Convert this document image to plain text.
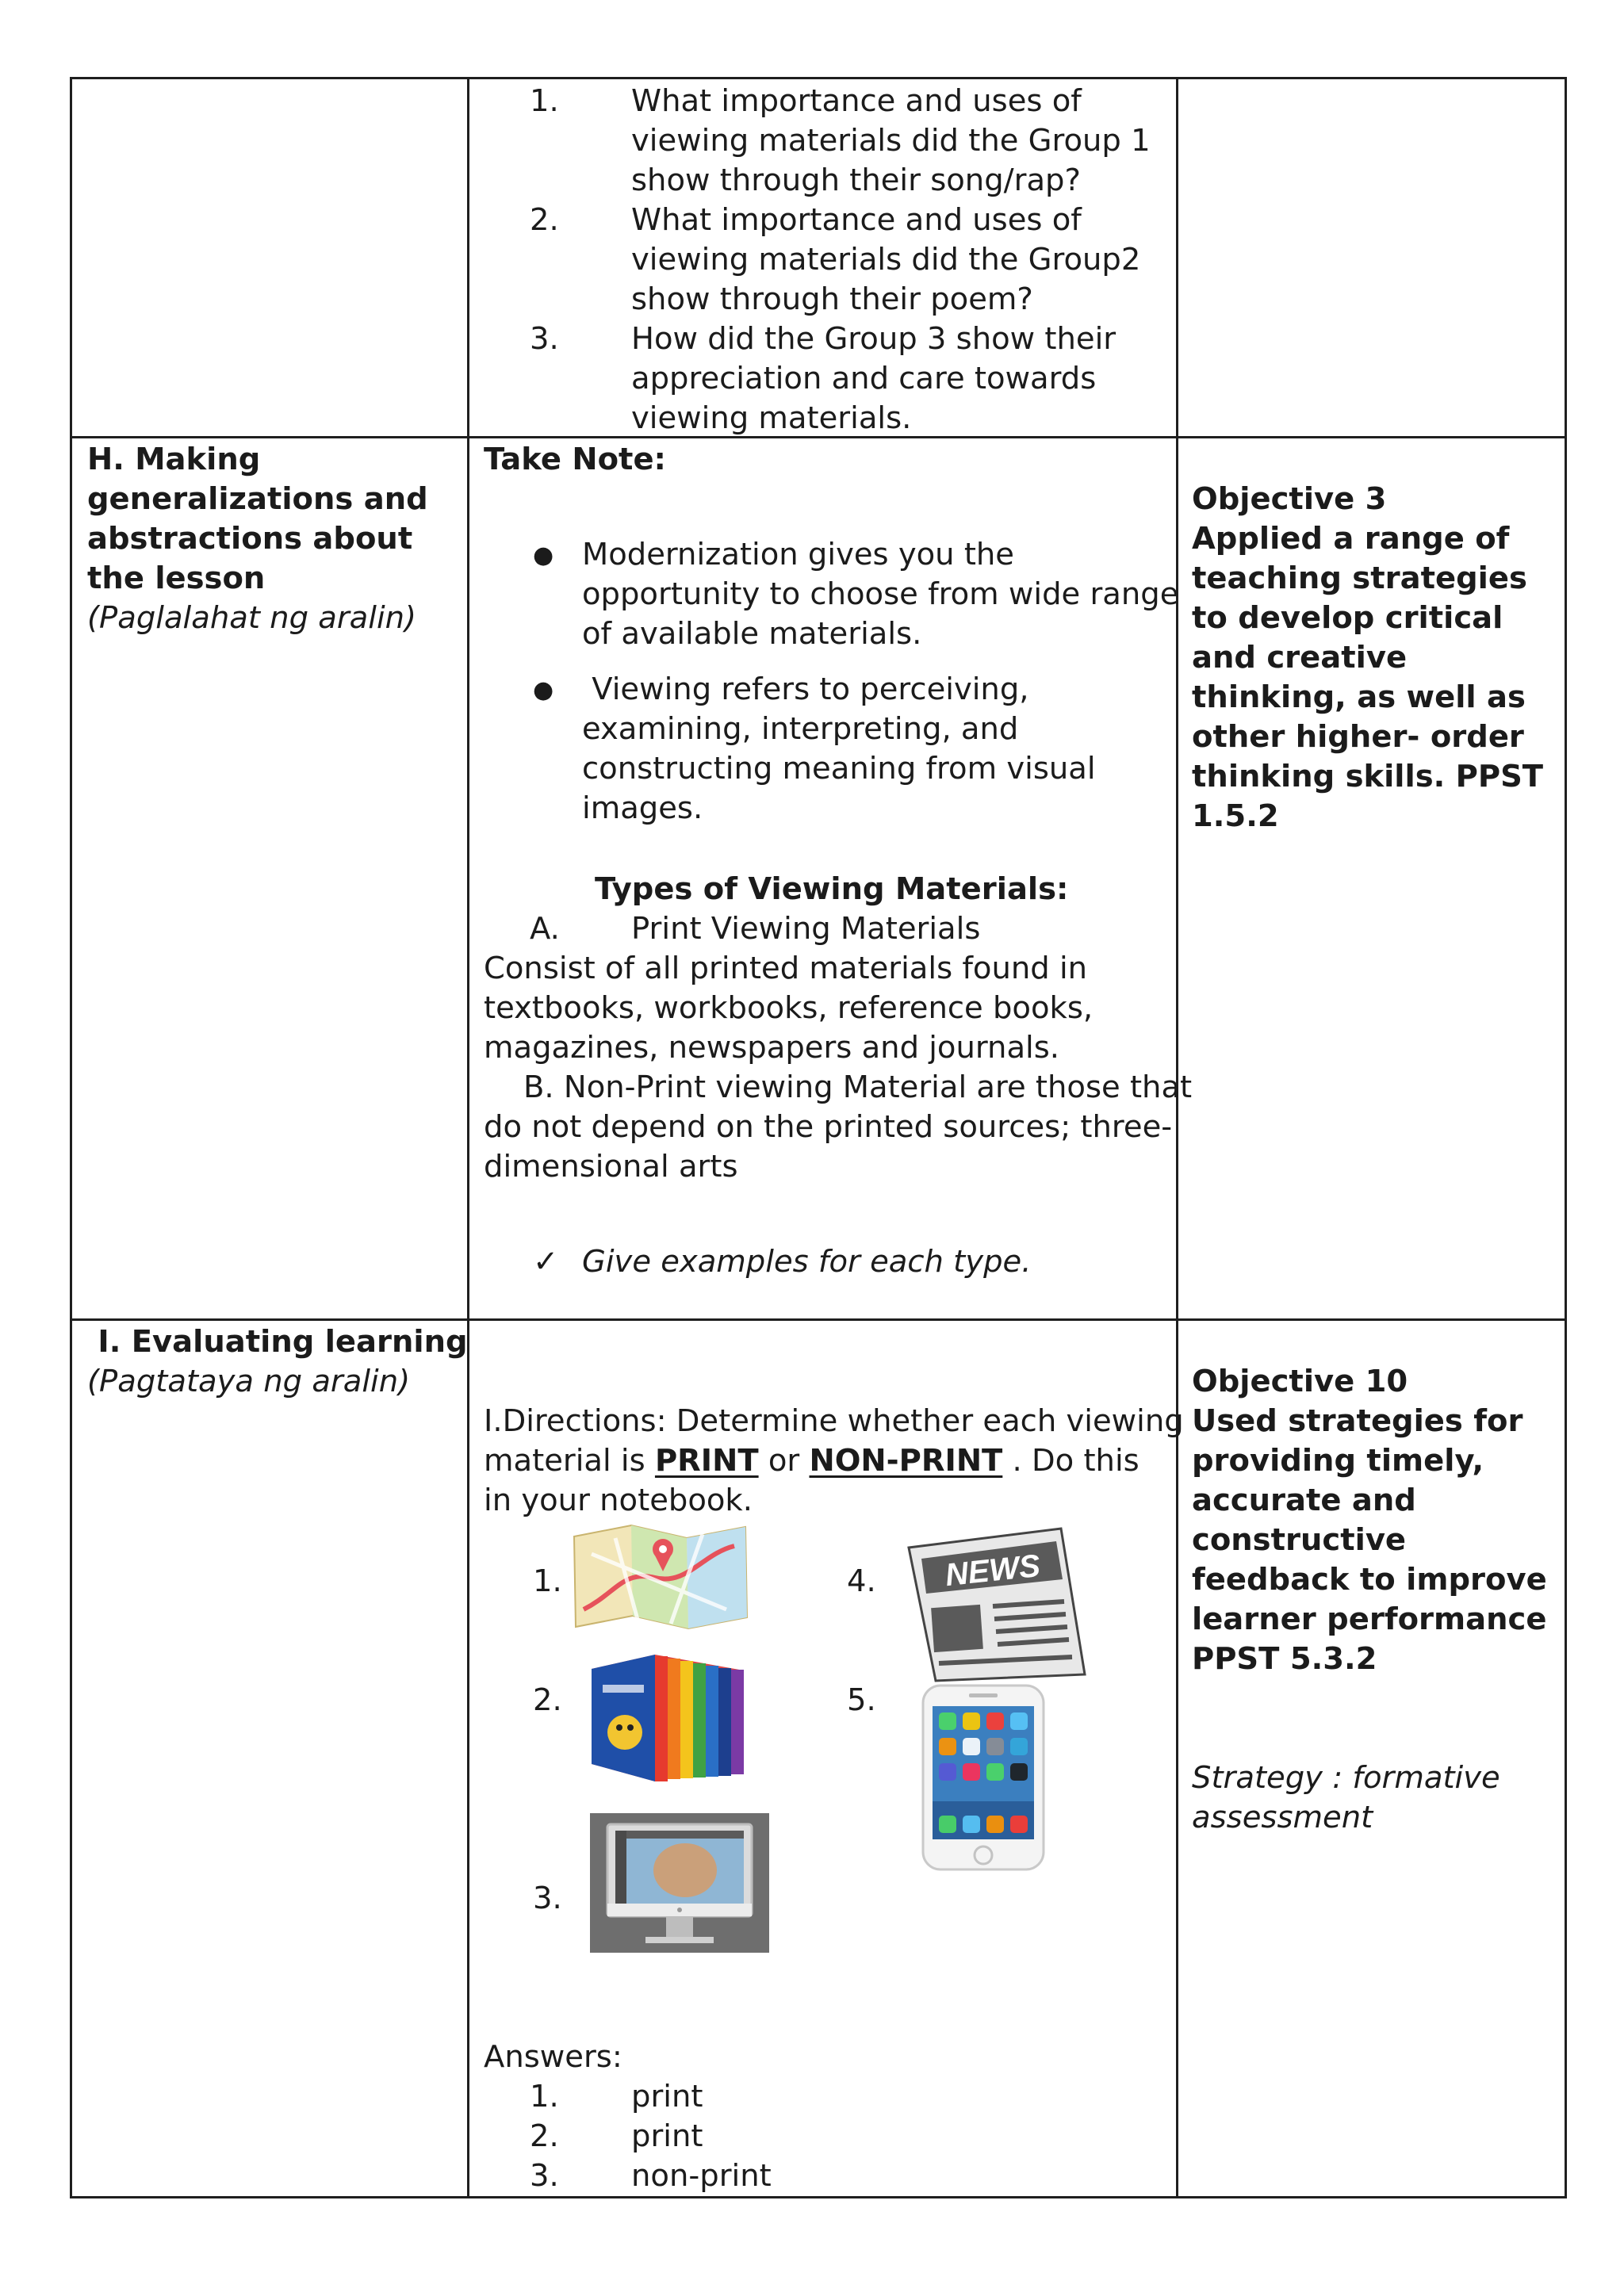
1. What importance and uses of
viewing materials did the Group 1
show through their song/rap?
2. What importance and uses of
viewing materials did the Group2
show through their poem?
3. How did the Group 3 show their
appreciation and care towards
viewing materials.
H. Making
generalizations and
abstractions about
the lesson
(Paglalahat ng aralin)
Take Note:
● Modernization gives you the
opportunity to choose from wide range
of available materials.
● Viewing refers to perceiving,
examining, interpreting, and
constructing meaning from visual
images.
Types of Viewing Materials:
A. Print Viewing Materials
Consist of all printed materials found in
textbooks, workbooks, reference books,
magazines, newspapers and journals.
B. Non-Print viewing Material are those that
do not depend on the printed sources; three-
dimensional arts
✓ Give examples for each type.
Objective 3
Applied a range of
teaching strategies
to develop critical
and creative
thinking, as well as
other higher- order
thinking skills. PPST
1.5.2
I. Evaluating learning
(Pagtataya ng aralin)
I.Directions: Determine whether each viewing
material is PRINT or NON-PRINT . Do this
in your notebook.
1.
2.
3.
4.
5.
NEWS
Answers:
1. print
2. print
3. non-print
Objective 10
Used strategies for
providing timely,
accurate and
constructive
feedback to improve
learner performance
PPST 5.3.2
Strategy : formative
assessment
